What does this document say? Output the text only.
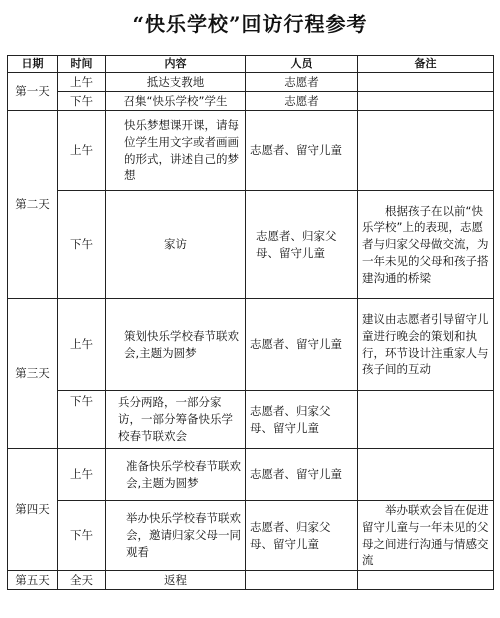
“快乐学校”回访行程参考
日期	时间	内容	人员	备注
第一天	上午	抵达支教地	志愿者	
	下午	召集“快乐学校”学生	志愿者	
第二天	上午	快乐梦想课开课，请每位学生用文字或者画画的形式，讲述自己的梦想	志愿者、留守儿童	
	下午	家访	志愿者、归家父母、留守儿童	根据孩子在以前“快乐学校”上的表现，志愿者与归家父母做交流，为一年未见的父母和孩子搭建沟通的桥梁
第三天	上午	策划快乐学校春节联欢会,主题为圆梦	志愿者、留守儿童	建议由志愿者引导留守儿童进行晚会的策划和执行，环节设计注重家人与孩子间的互动
	下午	兵分两路，一部分家访，一部分筹备快乐学校春节联欢会	志愿者、归家父母、留守儿童	
第四天	上午	准备快乐学校春节联欢会,主题为圆梦	志愿者、留守儿童	
	下午	举办快乐学校春节联欢会，邀请归家父母一同观看	志愿者、归家父母、留守儿童	举办联欢会旨在促进留守儿童与一年未见的父母之间进行沟通与情感交流
第五天	全天	返程		
